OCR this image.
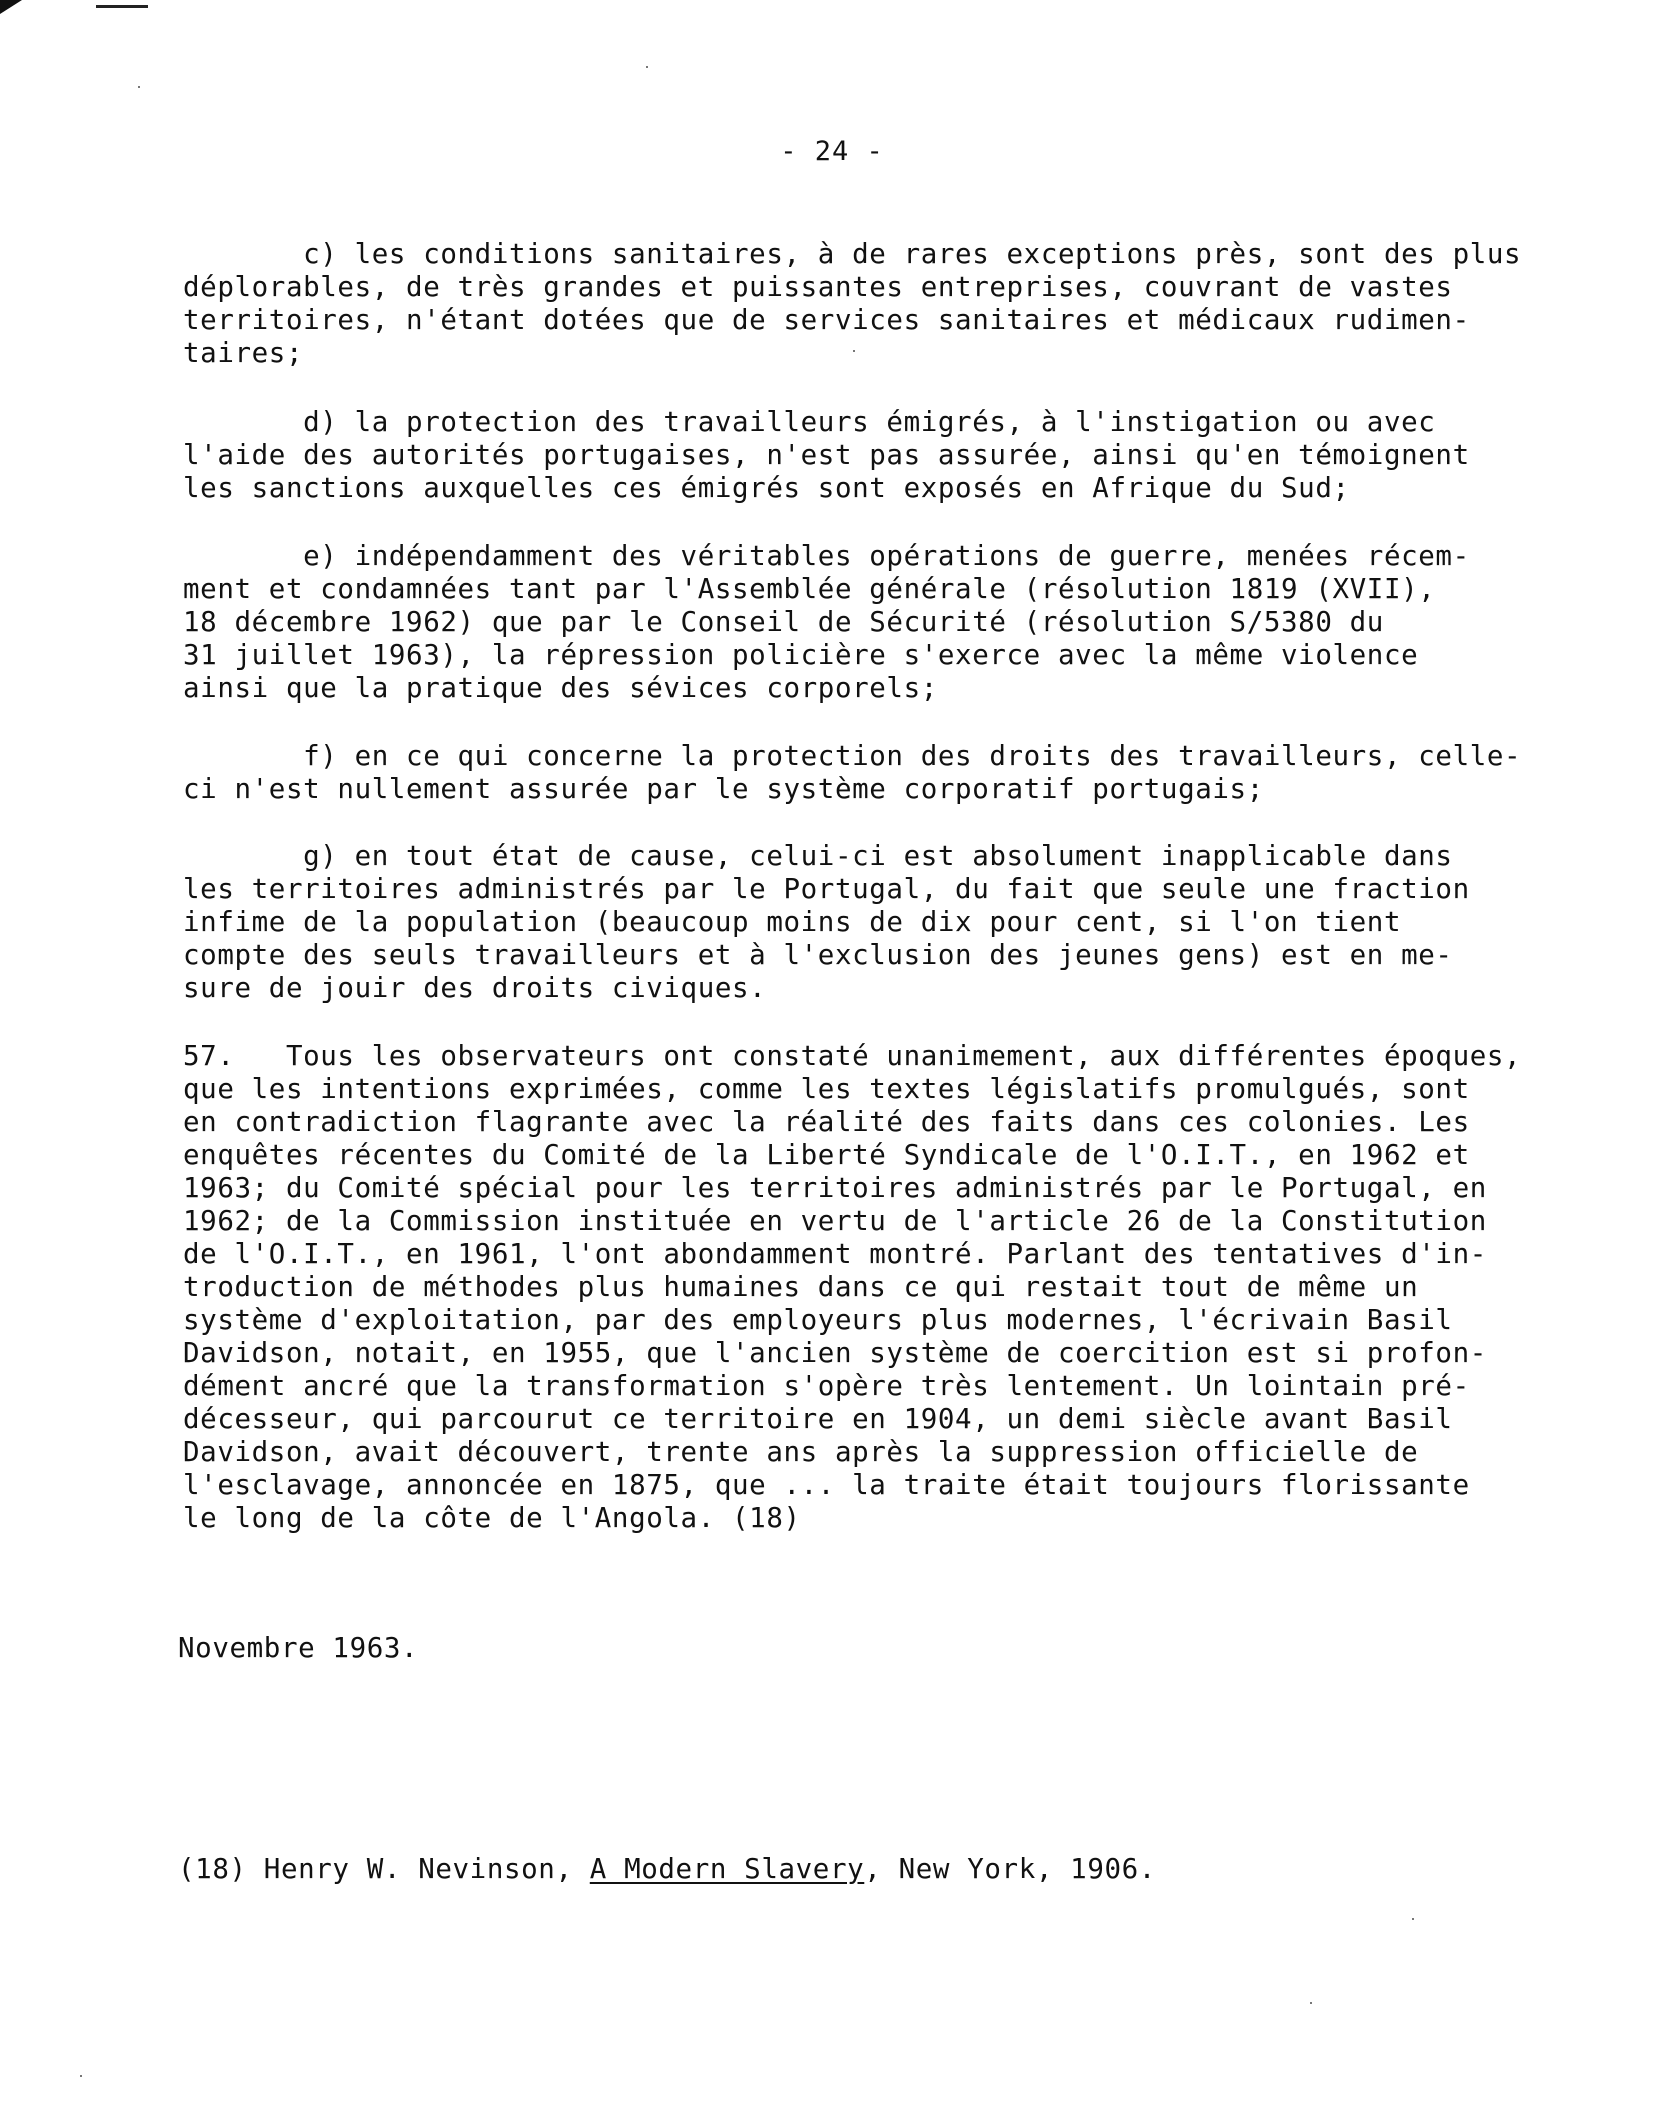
- 24 -
c) les conditions sanitaires, à de rares exceptions près, sont des plus
déplorables, de très grandes et puissantes entreprises, couvrant de vastes
territoires, n'étant dotées que de services sanitaires et médicaux rudimen-
taires;
d) la protection des travailleurs émigrés, à l'instigation ou avec
l'aide des autorités portugaises, n'est pas assurée, ainsi qu'en témoignent
les sanctions auxquelles ces émigrés sont exposés en Afrique du Sud;
e) indépendamment des véritables opérations de guerre, menées récem-
ment et condamnées tant par l'Assemblée générale (résolution 1819 (XVII),
18 décembre 1962) que par le Conseil de Sécurité (résolution S/5380 du
31 juillet 1963), la répression policière s'exerce avec la même violence
ainsi que la pratique des sévices corporels;
f) en ce qui concerne la protection des droits des travailleurs, celle-
ci n'est nullement assurée par le système corporatif portugais;
g) en tout état de cause, celui-ci est absolument inapplicable dans
les territoires administrés par le Portugal, du fait que seule une fraction
infime de la population (beaucoup moins de dix pour cent, si l'on tient
compte des seuls travailleurs et à l'exclusion des jeunes gens) est en me-
sure de jouir des droits civiques.
57.   Tous les observateurs ont constaté unanimement, aux différentes époques,
que les intentions exprimées, comme les textes législatifs promulgués, sont
en contradiction flagrante avec la réalité des faits dans ces colonies. Les
enquêtes récentes du Comité de la Liberté Syndicale de l'O.I.T., en 1962 et
1963; du Comité spécial pour les territoires administrés par le Portugal, en
1962; de la Commission instituée en vertu de l'article 26 de la Constitution
de l'O.I.T., en 1961, l'ont abondamment montré. Parlant des tentatives d'in-
troduction de méthodes plus humaines dans ce qui restait tout de même un
système d'exploitation, par des employeurs plus modernes, l'écrivain Basil
Davidson, notait, en 1955, que l'ancien système de coercition est si profon-
dément ancré que la transformation s'opère très lentement. Un lointain pré-
décesseur, qui parcourut ce territoire en 1904, un demi siècle avant Basil
Davidson, avait découvert, trente ans après la suppression officielle de
l'esclavage, annoncée en 1875, que ... la traite était toujours florissante
le long de la côte de l'Angola. (18)
Novembre 1963.
(18) Henry W. Nevinson, A Modern Slavery, New York, 1906.
